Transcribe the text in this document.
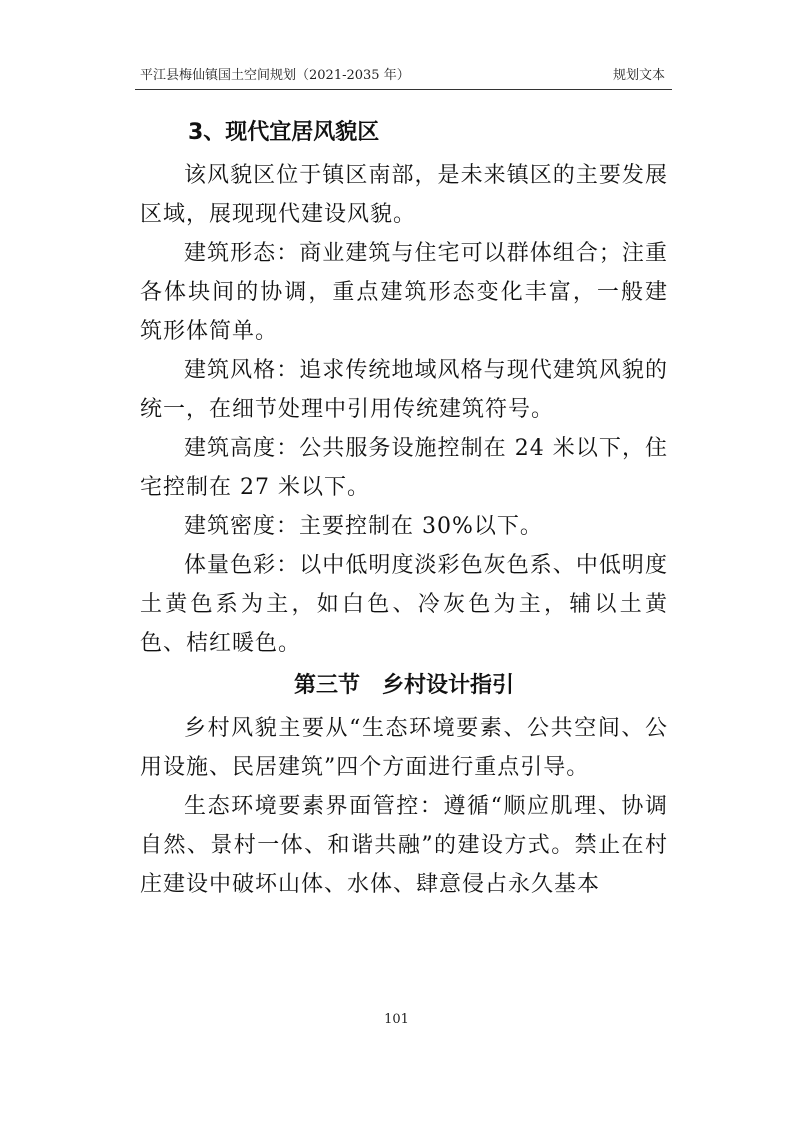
平江县梅仙镇国土空间规划（2021-2035 年）	规划文本
3、现代宜居风貌区

该风貌区位于镇区南部，是未来镇区的主要发展区域，展现现代建设风貌。

建筑形态：商业建筑与住宅可以群体组合；注重各体块间的协调，重点建筑形态变化丰富，一般建筑形体简单。

建筑风格：追求传统地域风格与现代建筑风貌的统一，在细节处理中引用传统建筑符号。

建筑高度：公共服务设施控制在 24 米以下，住宅控制在 27 米以下。

建筑密度：主要控制在 30%以下。

体量色彩：以中低明度淡彩色灰色系、中低明度土黄色系为主，如白色、冷灰色为主，辅以土黄色、桔红暖色。

第三节　乡村设计指引

乡村风貌主要从“生态环境要素、公共空间、公用设施、民居建筑”四个方面进行重点引导。

生态环境要素界面管控：遵循“顺应肌理、协调自然、景村一体、和谐共融”的建设方式。禁止在村庄建设中破坏山体、水体、肆意侵占永久基本

101
